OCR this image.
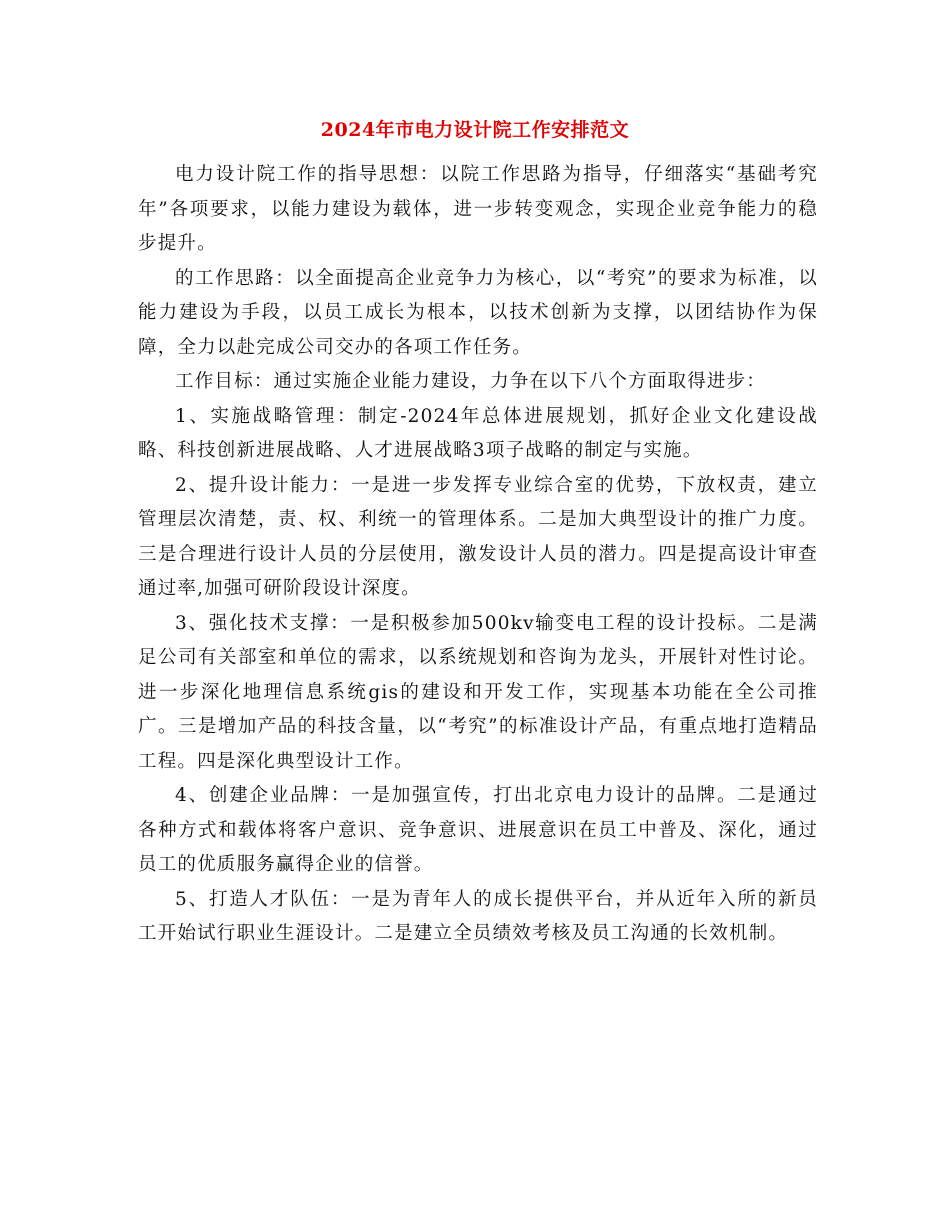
2024年市电力设计院工作安排范文

电力设计院工作的指导思想：以院工作思路为指导，仔细落实“基础考究年”各项要求，以能力建设为载体，进一步转变观念，实现企业竞争能力的稳步提升。

的工作思路：以全面提高企业竞争力为核心，以“考究”的要求为标准，以能力建设为手段，以员工成长为根本，以技术创新为支撑，以团结协作为保障，全力以赴完成公司交办的各项工作任务。

工作目标：通过实施企业能力建设，力争在以下八个方面取得进步：

1、实施战略管理：制定-2024年总体进展规划，抓好企业文化建设战略、科技创新进展战略、人才进展战略3项子战略的制定与实施。

2、提升设计能力：一是进一步发挥专业综合室的优势，下放权责，建立管理层次清楚，责、权、利统一的管理体系。二是加大典型设计的推广力度。三是合理进行设计人员的分层使用，激发设计人员的潜力。四是提高设计审查通过率,加强可研阶段设计深度。

3、强化技术支撑：一是积极参加500kv输变电工程的设计投标。二是满足公司有关部室和单位的需求，以系统规划和咨询为龙头，开展针对性讨论。进一步深化地理信息系统gis的建设和开发工作，实现基本功能在全公司推广。三是增加产品的科技含量，以“考究”的标准设计产品，有重点地打造精品工程。四是深化典型设计工作。

4、创建企业品牌：一是加强宣传，打出北京电力设计的品牌。二是通过各种方式和载体将客户意识、竞争意识、进展意识在员工中普及、深化，通过员工的优质服务赢得企业的信誉。

5、打造人才队伍：一是为青年人的成长提供平台，并从近年入所的新员工开始试行职业生涯设计。二是建立全员绩效考核及员工沟通的长效机制。
